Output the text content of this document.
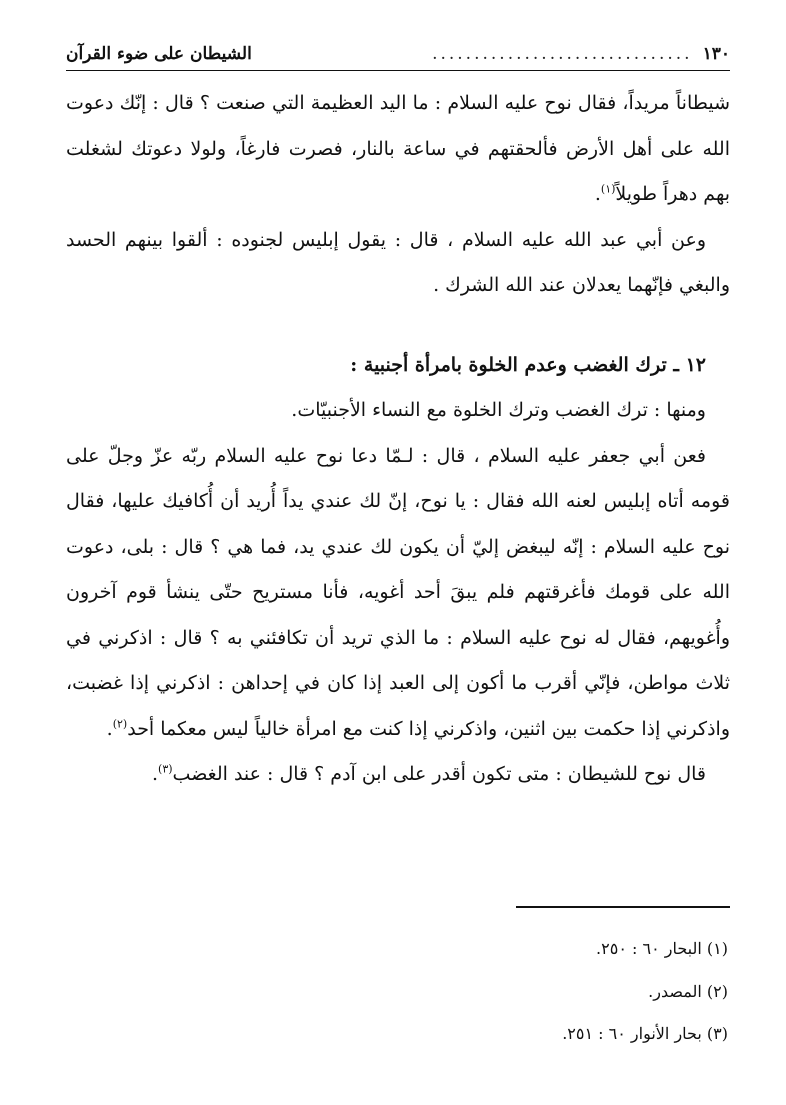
١٣٠
...............................
الشيطان على ضوء القرآن

شيطاناً مريداً، فقال نوح عليه السلام : ما اليد العظيمة التي صنعت ؟ قال : إنّك دعوت الله على أهل الأرض فألحقتهم في ساعة بالنار، فصرت فارغاً، ولولا دعوتك لشغلت بهم دهراً طويلاً$^{(١)}$.

وعن أبي عبد الله عليه السلام ، قال : يقول إبليس لجنوده : ألقوا بينهم الحسد والبغي فإنّهما يعدلان عند الله الشرك .

١٢ ـ ترك الغضب وعدم الخلوة بامرأة أجنبية :

ومنها : ترك الغضب وترك الخلوة مع النساء الأجنبيّات.

فعن أبي جعفر عليه السلام ، قال : لـمّا دعا نوح عليه السلام ربّه عزّ وجلّ على قومه أتاه إبليس لعنه الله فقال : يا نوح، إنّ لك عندي يداً أُريد أن أُكافيك عليها، فقال نوح عليه السلام : إنّه ليبغض إليّ أن يكون لك عندي يد، فما هي ؟ قال : بلى، دعوت الله على قومك فأغرقتهم فلم يبقَ أحد أغويه، فأنا مستريح حتّى ينشأ قوم آخرون وأُغويهم، فقال له نوح عليه السلام : ما الذي تريد أن تكافئني به ؟ قال : اذكرني في ثلاث مواطن، فإنّي أقرب ما أكون إلى العبد إذا كان في إحداهن : اذكرني إذا غضبت، واذكرني إذا حكمت بين اثنين، واذكرني إذا كنت مع امرأة خالياً ليس معكما أحد$^{(٢)}$.

قال نوح للشيطان : متى تكون أقدر على ابن آدم ؟ قال : عند الغضب$^{(٣)}$.

(١) البحار ٦٠ : ٢٥٠.
(٢) المصدر.
(٣) بحار الأنوار ٦٠ : ٢٥١.
